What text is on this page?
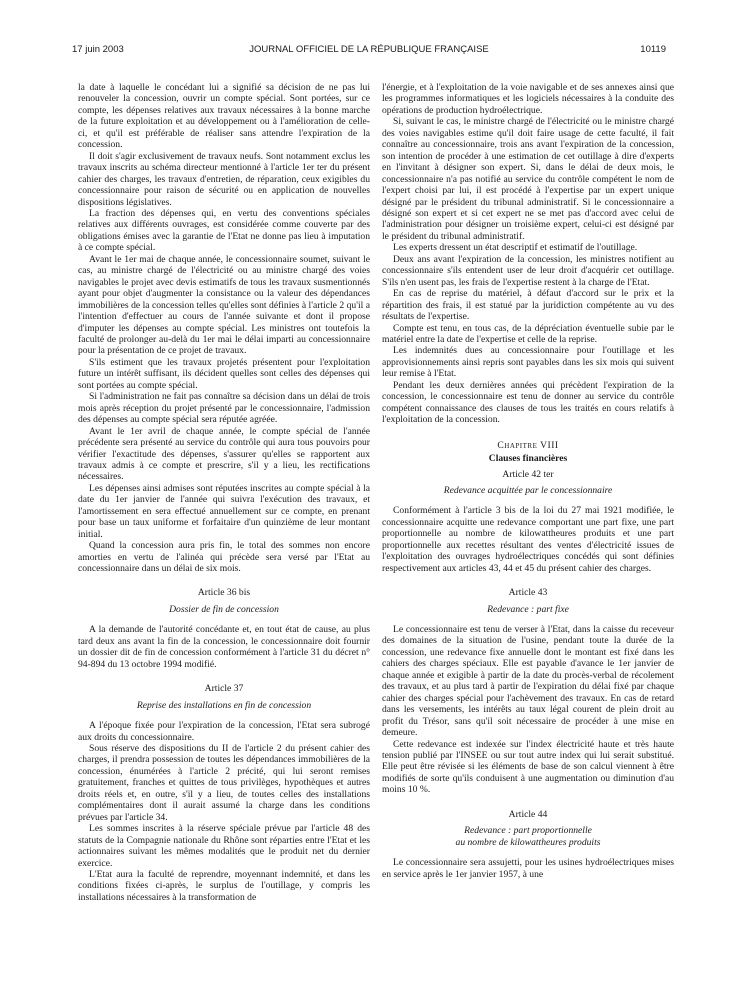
17 juin 2003	JOURNAL OFFICIEL DE LA RÉPUBLIQUE FRANÇAISE	10119

la date à laquelle le concédant lui a signifié sa décision de ne pas lui renouveler la concession, ouvrir un compte spécial. Sont portées, sur ce compte, les dépenses relatives aux travaux nécessaires à la bonne marche de la future exploitation et au développement ou à l'amélioration de celle-ci, et qu'il est préférable de réaliser sans attendre l'expiration de la concession.

Il doit s'agir exclusivement de travaux neufs. Sont notamment exclus les travaux inscrits au schéma directeur mentionné à l'article 1er ter du présent cahier des charges, les travaux d'entretien, de réparation, ceux exigibles du concessionnaire pour raison de sécurité ou en application de nouvelles dispositions législatives.

La fraction des dépenses qui, en vertu des conventions spéciales relatives aux différents ouvrages, est considérée comme couverte par des obligations émises avec la garantie de l'Etat ne donne pas lieu à imputation à ce compte spécial.

Avant le 1er mai de chaque année, le concessionnaire soumet, suivant le cas, au ministre chargé de l'électricité ou au ministre chargé des voies navigables le projet avec devis estimatifs de tous les travaux susmentionnés ayant pour objet d'augmenter la consistance ou la valeur des dépendances immobilières de la concession telles qu'elles sont définies à l'article 2 qu'il a l'intention d'effectuer au cours de l'année suivante et dont il propose d'imputer les dépenses au compte spécial. Les ministres ont toutefois la faculté de prolonger au-delà du 1er mai le délai imparti au concessionnaire pour la présentation de ce projet de travaux.

S'ils estiment que les travaux projetés présentent pour l'exploitation future un intérêt suffisant, ils décident quelles sont celles des dépenses qui sont portées au compte spécial.

Si l'administration ne fait pas connaître sa décision dans un délai de trois mois après réception du projet présenté par le concessionnaire, l'admission des dépenses au compte spécial sera réputée agréée.

Avant le 1er avril de chaque année, le compte spécial de l'année précédente sera présenté au service du contrôle qui aura tous pouvoirs pour vérifier l'exactitude des dépenses, s'assurer qu'elles se rapportent aux travaux admis à ce compte et prescrire, s'il y a lieu, les rectifications nécessaires.

Les dépenses ainsi admises sont réputées inscrites au compte spécial à la date du 1er janvier de l'année qui suivra l'exécution des travaux, et l'amortissement en sera effectué annuellement sur ce compte, en prenant pour base un taux uniforme et forfaitaire d'un quinzième de leur montant initial.

Quand la concession aura pris fin, le total des sommes non encore amorties en vertu de l'alinéa qui précède sera versé par l'Etat au concessionnaire dans un délai de six mois.

Article 36 bis

Dossier de fin de concession

A la demande de l'autorité concédante et, en tout état de cause, au plus tard deux ans avant la fin de la concession, le concessionnaire doit fournir un dossier dit de fin de concession conformément à l'article 31 du décret n° 94-894 du 13 octobre 1994 modifié.

Article 37

Reprise des installations en fin de concession

A l'époque fixée pour l'expiration de la concession, l'Etat sera subrogé aux droits du concessionnaire.

Sous réserve des dispositions du II de l'article 2 du présent cahier des charges, il prendra possession de toutes les dépendances immobilières de la concession, énumérées à l'article 2 précité, qui lui seront remises gratuitement, franches et quittes de tous privilèges, hypothèques et autres droits réels et, en outre, s'il y a lieu, de toutes celles des installations complémentaires dont il aurait assumé la charge dans les conditions prévues par l'article 34.

Les sommes inscrites à la réserve spéciale prévue par l'article 48 des statuts de la Compagnie nationale du Rhône sont réparties entre l'Etat et les actionnaires suivant les mêmes modalités que le produit net du dernier exercice.

L'Etat aura la faculté de reprendre, moyennant indemnité, et dans les conditions fixées ci-après, le surplus de l'outillage, y compris les installations nécessaires à la transformation de

l'énergie, et à l'exploitation de la voie navigable et de ses annexes ainsi que les programmes informatiques et les logiciels nécessaires à la conduite des opérations de production hydroélectrique.

Si, suivant le cas, le ministre chargé de l'électricité ou le ministre chargé des voies navigables estime qu'il doit faire usage de cette faculté, il fait connaître au concessionnaire, trois ans avant l'expiration de la concession, son intention de procéder à une estimation de cet outillage à dire d'experts en l'invitant à désigner son expert. Si, dans le délai de deux mois, le concessionnaire n'a pas notifié au service du contrôle compétent le nom de l'expert choisi par lui, il est procédé à l'expertise par un expert unique désigné par le président du tribunal administratif. Si le concessionnaire a désigné son expert et si cet expert ne se met pas d'accord avec celui de l'administration pour désigner un troisième expert, celui-ci est désigné par le président du tribunal administratif.

Les experts dressent un état descriptif et estimatif de l'outillage.

Deux ans avant l'expiration de la concession, les ministres notifient au concessionnaire s'ils entendent user de leur droit d'acquérir cet outillage. S'ils n'en usent pas, les frais de l'expertise restent à la charge de l'Etat.

En cas de reprise du matériel, à défaut d'accord sur le prix et la répartition des frais, il est statué par la juridiction compétente au vu des résultats de l'expertise.

Compte est tenu, en tous cas, de la dépréciation éventuelle subie par le matériel entre la date de l'expertise et celle de la reprise.

Les indemnités dues au concessionnaire pour l'outillage et les approvisionnements ainsi repris sont payables dans les six mois qui suivent leur remise à l'Etat.

Pendant les deux dernières années qui précèdent l'expiration de la concession, le concessionnaire est tenu de donner au service du contrôle compétent connaissance des clauses de tous les traités en cours relatifs à l'exploitation de la concession.

Chapitre VIII

Clauses financières

Article 42 ter

Redevance acquittée par le concessionnaire

Conformément à l'article 3 bis de la loi du 27 mai 1921 modifiée, le concessionnaire acquitte une redevance comportant une part fixe, une part proportionnelle au nombre de kilowattheures produits et une part proportionnelle aux recettes résultant des ventes d'électricité issues de l'exploitation des ouvrages hydroélectriques concédés qui sont définies respectivement aux articles 43, 44 et 45 du présent cahier des charges.

Article 43

Redevance : part fixe

Le concessionnaire est tenu de verser à l'Etat, dans la caisse du receveur des domaines de la situation de l'usine, pendant toute la durée de la concession, une redevance fixe annuelle dont le montant est fixé dans les cahiers des charges spéciaux. Elle est payable d'avance le 1er janvier de chaque année et exigible à partir de la date du procès-verbal de récolement des travaux, et au plus tard à partir de l'expiration du délai fixé par chaque cahier des charges spécial pour l'achèvement des travaux. En cas de retard dans les versements, les intérêts au taux légal courent de plein droit au profit du Trésor, sans qu'il soit nécessaire de procéder à une mise en demeure.

Cette redevance est indexée sur l'index électricité haute et très haute tension publié par l'INSEE ou sur tout autre index qui lui serait substitué. Elle peut être révisée si les éléments de base de son calcul viennent à être modifiés de sorte qu'ils conduisent à une augmentation ou diminution d'au moins 10 %.

Article 44

Redevance : part proportionnelle
au nombre de kilowattheures produits

Le concessionnaire sera assujetti, pour les usines hydroélectriques mises en service après le 1er janvier 1957, à une
